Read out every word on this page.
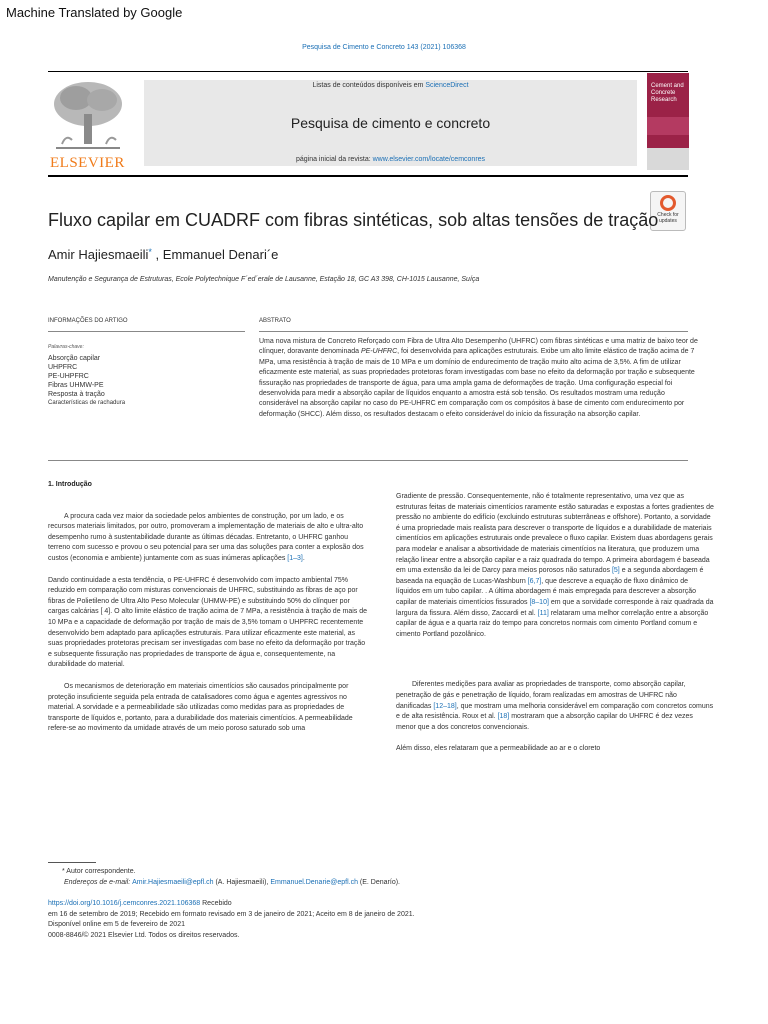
Machine Translated by Google
Pesquisa de Cimento e Concreto 143 (2021) 106368
ELSEVIER
Listas de conteúdos disponíveis em ScienceDirect
Pesquisa de cimento e concreto
página inicial da revista: www.elsevier.com/locate/cemconres
Cement and Concrete Research
Check for
updates
Fluxo capilar em CUADRF com fibras sintéticas, sob altas tensões de tração
Amir Hajiesmaeili* , Emmanuel Denari´e
Manutenção e Segurança de Estruturas, Ecole Polytechnique F´ed´erale de Lausanne, Estação 18, GC A3 398, CH-1015 Lausanne, Suíça
INFORMAÇÕES DO ARTIGO	ABSTRATO
Palavras-chave:
Absorção capilar
UHPFRC
PE-UHPFRC
Fibras UHMW-PE
Resposta à tração
Características de rachadura
Uma nova mistura de Concreto Reforçado com Fibra de Ultra Alto Desempenho (UHFRC) com fibras sintéticas e uma matriz de baixo teor de clínquer, doravante denominada PE-UHFRC, foi desenvolvida para aplicações estruturais. Exibe um alto limite elástico de tração acima de 7 MPa, uma resistência à tração de mais de 10 MPa e um domínio de endurecimento de tração muito alto acima de 3,5%. A fim de utilizar eficazmente este material, as suas propriedades protetoras foram investigadas com base no efeito da deformação por tração e subsequente fissuração nas propriedades de transporte de água, para uma ampla gama de deformações de tração. Uma configuração especial foi desenvolvida para medir a absorção capilar de líquidos enquanto a amostra está sob tensão. Os resultados mostram uma redução considerável na absorção capilar no caso do PE-UHFRC em comparação com os compósitos à base de cimento com endurecimento por deformação (SHCC). Além disso, os resultados destacam o efeito considerável do início da fissuração na absorção capilar.

1. Introdução

A procura cada vez maior da sociedade pelos ambientes de construção, por um lado, e os recursos materiais limitados, por outro, promoveram a implementação de materiais de alto e ultra-alto desempenho rumo à sustentabilidade durante as últimas décadas. Entretanto, o UHFRC ganhou terreno com sucesso e provou o seu potencial para ser uma das soluções para conter a explosão dos custos (economia e ambiente) juntamente com as suas inúmeras aplicações [1–3].

Dando continuidade a esta tendência, o PE-UHFRC é desenvolvido com impacto ambiental 75% reduzido em comparação com misturas convencionais de UHFRC, substituindo as fibras de aço por fibras de Polietileno de Ultra Alto Peso Molecular (UHMW-PE) e substituindo 50% do clínquer por cargas calcárias [ 4]. O alto limite elástico de tração acima de 7 MPa, a resistência à tração de mais de 10 MPa e a capacidade de deformação por tração de mais de 3,5% tornam o UHPFRC recentemente desenvolvido bem adaptado para aplicações estruturais. Para utilizar eficazmente este material, as suas propriedades protetoras precisam ser investigadas com base no efeito da deformação por tração e subsequente fissuração nas propriedades de transporte de água e, consequentemente, na durabilidade do material.

Os mecanismos de deterioração em materiais cimentícios são causados principalmente por proteção insuficiente seguida pela entrada de catalisadores como água e agentes agressivos no material. A sorvidade e a permeabilidade são utilizadas como medidas para as propriedades de transporte de líquidos e, portanto, para a durabilidade dos materiais cimentícios. A permeabilidade refere-se ao movimento da umidade através de um meio poroso saturado sob uma

Gradiente de pressão. Consequentemente, não é totalmente representativo, uma vez que as estruturas feitas de materiais cimentícios raramente estão saturadas e expostas a fortes gradientes de pressão no ambiente do edifício (excluindo estruturas subterrâneas e offshore). Portanto, a sorvidade é uma propriedade mais realista para descrever o transporte de líquidos e a durabilidade de materiais cimentícios em aplicações estruturais onde prevalece o fluxo capilar. Existem duas abordagens gerais para modelar e analisar a absortividade de materiais cimentícios na literatura, que produzem uma relação linear entre a absorção capilar e a raiz quadrada do tempo. A primeira abordagem é baseada em uma extensão da lei de Darcy para meios porosos não saturados [5] e a segunda abordagem é baseada na equação de Lucas-Washburn [6,7], que descreve a equação de fluxo dinâmico de líquidos em um tubo capilar. . A última abordagem é mais empregada para descrever a absorção capilar de materiais cimentícios fissurados [8–10] em que a sorvidade corresponde à raiz quadrada da largura da fissura. Além disso, Zaccardi et al. [11] relataram uma melhor correlação entre a absorção capilar de água e a quarta raiz do tempo para concretos normais com cimento Portland comum e cimento Portland pozolânico.

Diferentes medições para avaliar as propriedades de transporte, como absorção capilar, penetração de gás e penetração de líquido, foram realizadas em amostras de UHFRC não danificadas [12–18], que mostram uma melhoria considerável em comparação com concretos comuns e de alta resistência. Roux et al. [18] mostraram que a absorção capilar do UHFRC é dez vezes menor que a dos concretos convencionais.

Além disso, eles relataram que a permeabilidade ao ar e o cloreto

* Autor correspondente.

Endereços de e-mail: Amir.Hajiesmaeili@epfl.ch (A. Hajiesmaeili), Emmanuel.Denarie@epfl.ch (E. Denarío).

https://doi.org/10.1016/j.cemconres.2021.106368 Recebido

em 16 de setembro de 2019; Recebido em formato revisado em 3 de janeiro de 2021; Aceito em 8 de janeiro de 2021.

Disponível online em 5 de fevereiro de 2021

0008-8846/© 2021 Elsevier Ltd. Todos os direitos reservados.
